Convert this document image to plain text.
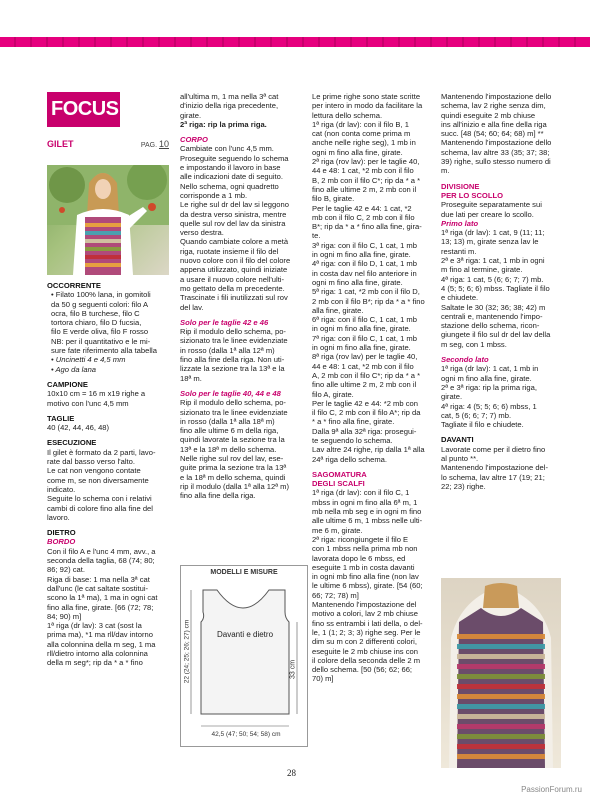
FOCUS
GILET	PAG. 10

OCCORRENTE

• Filato 100% lana, in gomitoli

da 50 g seguenti colori: filo A

ocra, filo B turchese, filo C

tortora chiaro, filo D fucsia,

filo E verde oliva, filo F rosso

NB: per il quantitativo e le mi-

sure fate riferimento alla tabella

• Uncinetti 4 e 4,5 mm

• Ago da lana

CAMPIONE

10x10 cm = 16 m x19 righe a

motivo con l'unc 4,5 mm

TAGLIE

40 (42, 44, 46, 48)

ESECUZIONE

Il gilet è formato da 2 parti, lavo-

rate dal basso verso l'alto.

Le cat non vengono contate

come m, se non diversamente

indicato.

Seguite lo schema con i relativi

cambi di colore fino alla fine del

lavoro.

DIETRO

BORDO

Con il filo A e l'unc 4 mm, avv., a

seconda della taglia, 68 (74; 80;

86; 92) cat.

Riga di base: 1 ma nella 3ª cat

dall'unc (le cat saltate sostitui-

scono la 1ª ma), 1 ma in ogni cat

fino alla fine, girate. [66 (72; 78;

84; 90) m]

1ª riga (dr lav): 3 cat (sost la

prima ma), *1 ma rll/dav intorno

alla colonnina della m seg, 1 ma

rll/dietro intorno alla colonnina

della m seg*; rip da * a * fino

all'ultima m, 1 ma nella 3ª cat

d'inizio della riga precedente,

girate.

2ª riga: rip la prima riga.

CORPO

Cambiate con l'unc 4,5 mm.

Proseguite seguendo lo schema

e impostando il lavoro in base

alle indicazioni date di seguito.

Nello schema, ogni quadretto

corrisponde a 1 mb.

Le righe sul dr del lav si leggono

da destra verso sinistra, mentre

quelle sul rov del lav da sinistra

verso destra.

Quando cambiate colore a metà

riga, ruotate insieme il filo del

nuovo colore con il filo del colore

appena utilizzato, quindi iniziate

a usare il nuovo colore nell'ulti-

mo gettato della m precedente.

Trascinate i fili inutilizzati sul rov

del lav.

Solo per le taglie 42 e 46

Rip il modulo dello schema, po-

sizionato tra le linee evidenziate

in rosso (dalla 1ª alla 12ª m)

fino alla fine della riga. Non uti-

lizzate la sezione tra la 13ª e la

18ª m.

Solo per le taglie 40, 44 e 48

Rip il modulo dello schema, po-

sizionato tra le linee evidenziate

in rosso (dalla 1ª alla 18ª m)

fino alle ultime 6 m della riga,

quindi lavorate la sezione tra la

13ª e la 18ª m dello schema.

Nelle righe sul rov del lav, ese-

guite prima la sezione tra la 13ª

e la 18ª m dello schema, quindi

rip il modulo (dalla 1ª alla 12ª m)

fino alla fine della riga.

MODELLI E MISURE
Davanti e dietro
22 (24; 25; 26; 27) cm	33 cm
42,5 (47; 50; 54; 58) cm

Le prime righe sono state scritte

per intero in modo da facilitare la

lettura dello schema.

1ª riga (dr lav): con il filo B, 1

cat (non conta come prima m

anche nelle righe seg), 1 mb in

ogni m fino alla fine, girate.

2ª riga (rov lav): per le taglie 40,

44 e 48: 1 cat, *2 mb con il filo

B, 2 mb con il filo C*; rip da * a *

fino alle ultime 2 m, 2 mb con il

filo B, girate.

Per le taglie 42 e 44: 1 cat, *2

mb con il filo C, 2 mb con il filo

B*; rip da * a * fino alla fine, gira-

te.

3ª riga: con il filo C, 1 cat, 1 mb

in ogni m fino alla fine, girate.

4ª riga: con il filo D, 1 cat, 1 mb

in costa dav nel filo anteriore in

ogni m fino alla fine, girate.

5ª riga: 1 cat, *2 mb con il filo D,

2 mb con il filo B*; rip da * a * fino

alla fine, girate.

6ª riga: con il filo C, 1 cat, 1 mb

in ogni m fino alla fine, girate.

7ª riga: con il filo C, 1 cat, 1 mb

in ogni m fino alla fine, girate.

8ª riga (rov lav) per le taglie 40,

44 e 48: 1 cat, *2 mb con il filo

A, 2 mb con il filo C*; rip da * a *

fino alle ultime 2 m, 2 mb con il

filo A, girate.

Per le taglie 42 e 44: *2 mb con

il filo C, 2 mb con il filo A*; rip da

* a * fino alla fine, girate.

Dalla 9ª alla 32ª riga: prosegui-

te seguendo lo schema.

Lav altre 24 righe, rip dalla 1ª alla

24ª riga dello schema.

SAGOMATURA

DEGLI SCALFI

1ª riga (dr lav): con il filo C, 1

mbss in ogni m fino alla 6ª m, 1

mb nella mb seg e in ogni m fino

alle ultime 6 m, 1 mbss nelle ulti-

me 6 m, girate.

2ª riga: ricongiungete il filo E

con 1 mbss nella prima mb non

lavorata dopo le 6 mbss, ed

eseguite 1 mb in costa davanti

in ogni mb fino alla fine (non lav

le ultime 6 mbss), girate. [54 (60;

66; 72; 78) m]

Mantenendo l'impostazione del

motivo a colori, lav 2 mb chiuse

fino ss entrambi i lati della, o del-

le, 1 (1; 2; 3; 3) righe seg. Per le

dim su m con 2 differenti colori,

eseguite le 2 mb chiuse ins con

il colore della seconda delle 2 m

dello schema. [50 (56; 62; 66;

70) m]

Mantenendo l'impostazione dello

schema, lav 2 righe senza dim,

quindi eseguite 2 mb chiuse

ins all'inizio e alla fine della riga

succ. [48 (54; 60; 64; 68) m] **

Mantenendo l'impostazione dello

schema, lav altre 33 (35; 37; 38;

39) righe, sullo stesso numero di

m.

DIVISIONE

PER LO SCOLLO

Proseguite separatamente sui

due lati per creare lo scollo.

Primo lato

1ª riga (dr lav): 1 cat, 9 (11; 11;

13; 13) m, girate senza lav le

restanti m.

2ª e 3ª riga: 1 cat, 1 mb in ogni

m fino al termine, girate.

4ª riga: 1 cat, 5 (6; 6; 7; 7) mb.

4 (5; 5; 6; 6) mbss. Tagliate il filo

e chiudete.

Saltate le 30 (32; 36; 38; 42) m

centrali e, mantenendo l'impo-

stazione dello schema, ricon-

giungete il filo sul dr del lav della

m seg, con 1 mbss.

Secondo lato

1ª riga (dr lav): 1 cat, 1 mb in

ogni m fino alla fine, girate.

2ª e 3ª riga: rip la prima riga,

girate.

4ª riga: 4 (5; 5; 6; 6) mbss, 1

cat, 5 (6; 6; 7; 7) mb.

Tagliate il filo e chiudete.

DAVANTI

Lavorate come per il dietro fino

al punto **.

Mantenendo l'impostazione del-

lo schema, lav altre 17 (19; 21;

22; 23) righe.

28
PassionForum.ru
